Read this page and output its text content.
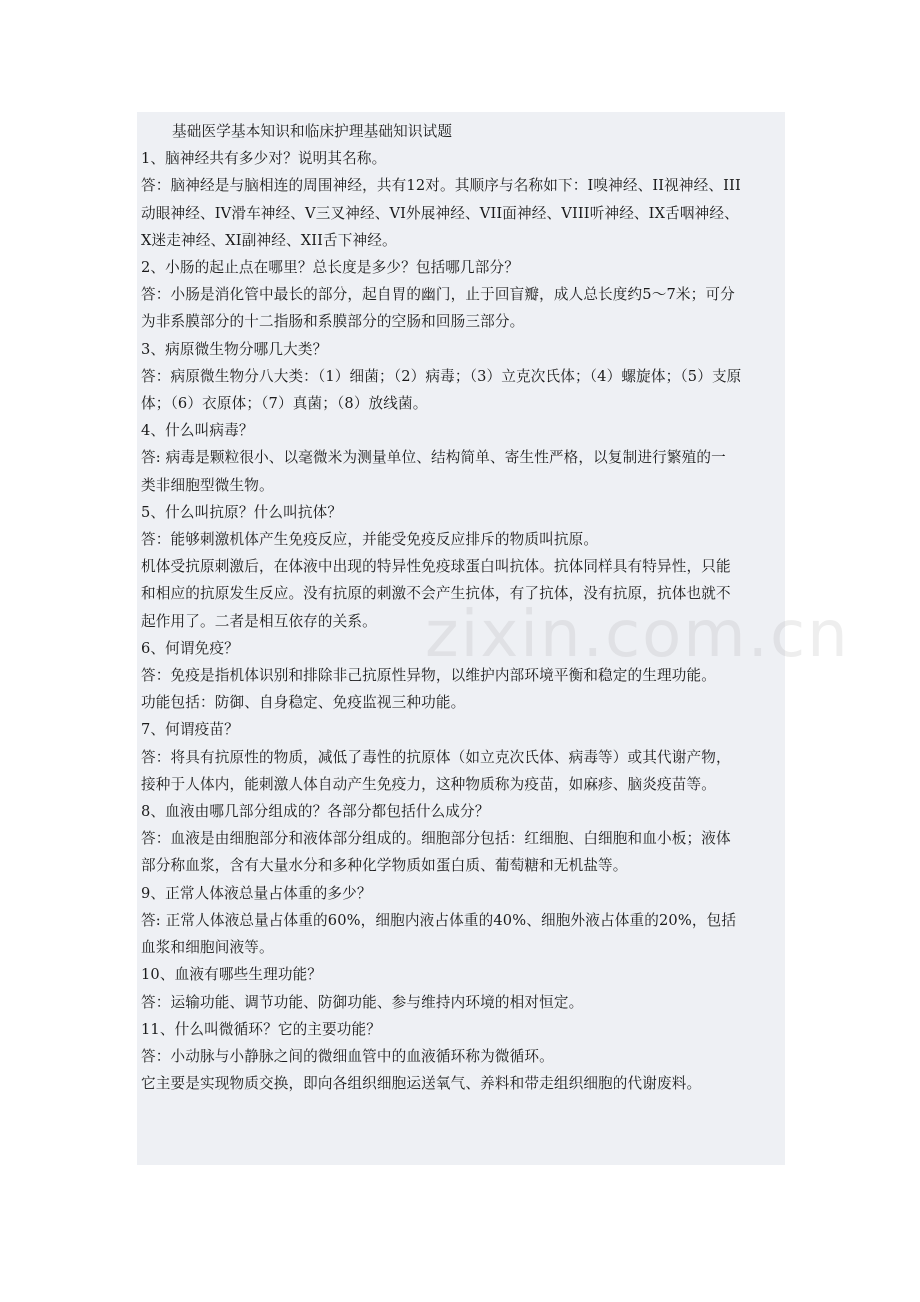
基础医学基本知识和临床护理基础知识试题
1、脑神经共有多少对？说明其名称。
答：脑神经是与脑相连的周围神经，共有12对。其顺序与名称如下：I嗅神经、II视神经、III
动眼神经、IV滑车神经、V三叉神经、VI外展神经、VII面神经、VIII听神经、IX舌咽神经、
X迷走神经、XI副神经、XII舌下神经。
2、小肠的起止点在哪里？总长度是多少？包括哪几部分？
答：小肠是消化管中最长的部分，起自胃的幽门，止于回盲瓣，成人总长度约5～7米；可分
为非系膜部分的十二指肠和系膜部分的空肠和回肠三部分。
3、病原微生物分哪几大类？
答：病原微生物分八大类：（1）细菌；（2）病毒；（3）立克次氏体；（4）螺旋体；（5）支原
体；（6）衣原体；（7）真菌；（8）放线菌。
4、什么叫病毒？
答: 病毒是颗粒很小、以毫微米为测量单位、结构简单、寄生性严格，以复制进行繁殖的一
类非细胞型微生物。
5、什么叫抗原？什么叫抗体？
答：能够刺激机体产生免疫反应，并能受免疫反应排斥的物质叫抗原。
机体受抗原刺激后，在体液中出现的特异性免疫球蛋白叫抗体。抗体同样具有特异性，只能
和相应的抗原发生反应。没有抗原的刺激不会产生抗体，有了抗体，没有抗原，抗体也就不
起作用了。二者是相互依存的关系。
6、何谓免疫？
答：免疫是指机体识别和排除非己抗原性异物，以维护内部环境平衡和稳定的生理功能。
功能包括：防御、自身稳定、免疫监视三种功能。
7、何谓疫苗？
答：将具有抗原性的物质，减低了毒性的抗原体（如立克次氏体、病毒等）或其代谢产物，
接种于人体内，能刺激人体自动产生免疫力，这种物质称为疫苗，如麻疹、脑炎疫苗等。
8、血液由哪几部分组成的？各部分都包括什么成分？
答：血液是由细胞部分和液体部分组成的。细胞部分包括：红细胞、白细胞和血小板；液体
部分称血浆，含有大量水分和多种化学物质如蛋白质、葡萄糖和无机盐等。
9、正常人体液总量占体重的多少？
答: 正常人体液总量占体重的60%，细胞内液占体重的40%、细胞外液占体重的20%，包括
血浆和细胞间液等。
10、血液有哪些生理功能？
答：运输功能、调节功能、防御功能、参与维持内环境的相对恒定。
11、什么叫微循环？它的主要功能？
答：小动脉与小静脉之间的微细血管中的血液循环称为微循环。
它主要是实现物质交换，即向各组织细胞运送氧气、养料和带走组织细胞的代谢废料。
